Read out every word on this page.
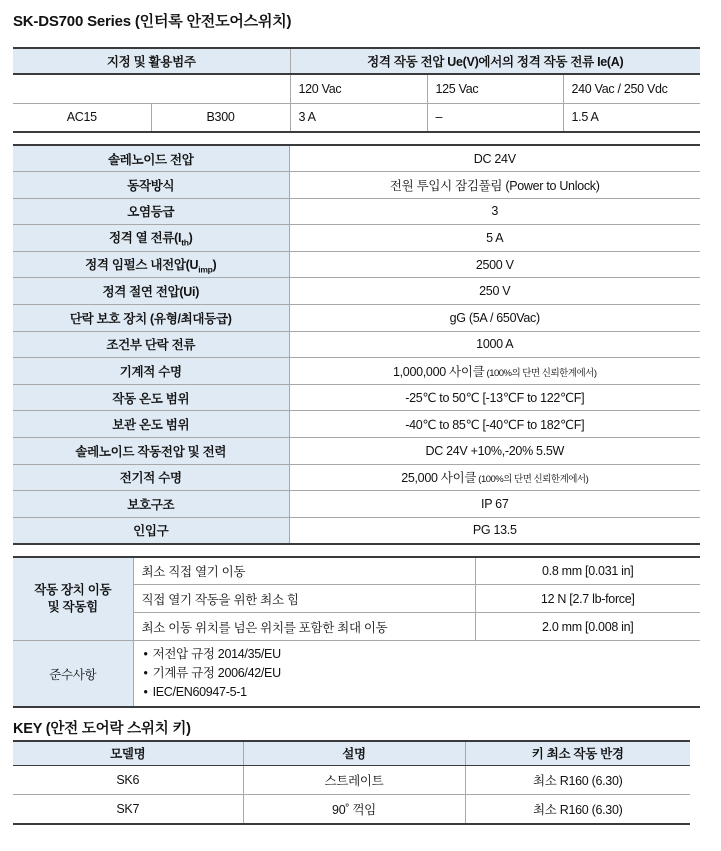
SK-DS700 Series (인터록 안전도어스위치)
지정 및 활용범주		정격 작동 전압 Ue(V)에서의 정격 작동 전류 Ie(A)		
		120 Vac	125 Vac	240 Vac / 250 Vdc
AC15	B300	3 A	–	1.5 A
솔레노이드 전압	DC 24V
동작방식	전원 투입시 잠김풀림 (Power to Unlock)
오염등급	3
정격 열 전류$(I_{th})$	5 A
정격 임펄스 내전압$(U_{imp})$	2500 V
정격 절연 전압(Ui)	250 V
단락 보호 장치 (유형/최대등급)	gG (5A / 650Vac)
조건부 단락 전류	1000 A
기계적 수명	1,000,000 사이클 (100%의 단면 신뢰한계에서)
작동 온도 범위	-25℃ to 50℃ [-13℃F to 122℃F]
보관 온도 범위	-40℃ to 85℃ [-40℃F to 182℃F]
솔레노이드 작동전압 및 전력	DC 24V +10%,-20% 5.5W
전기적 수명	25,000 사이클 (100%의 단면 신뢰한계에서)
보호구조	IP 67
인입구	PG 13.5
작동 장치 이동
및 작동힘	최소 직접 열기 이동	0.8 mm [0.031 in]
	직접 열기 작동을 위한 최소 힘	12 N [2.7 lb-force]
	최소 이동 위치를 넘은 위치를 포함한 최대 이동	2.0 mm [0.008 in]
준수사항	• 저전압 규정 2014/35/EU
• 기계류 규정 2006/42/EU
• IEC/EN60947-5-1
KEY (안전 도어락 스위치 키)
모델명	설명	키 최소 작동 반경
SK6	스트레이트	최소 R160 (6.30)
SK7	90˚ 꺽임	최소 R160 (6.30)
